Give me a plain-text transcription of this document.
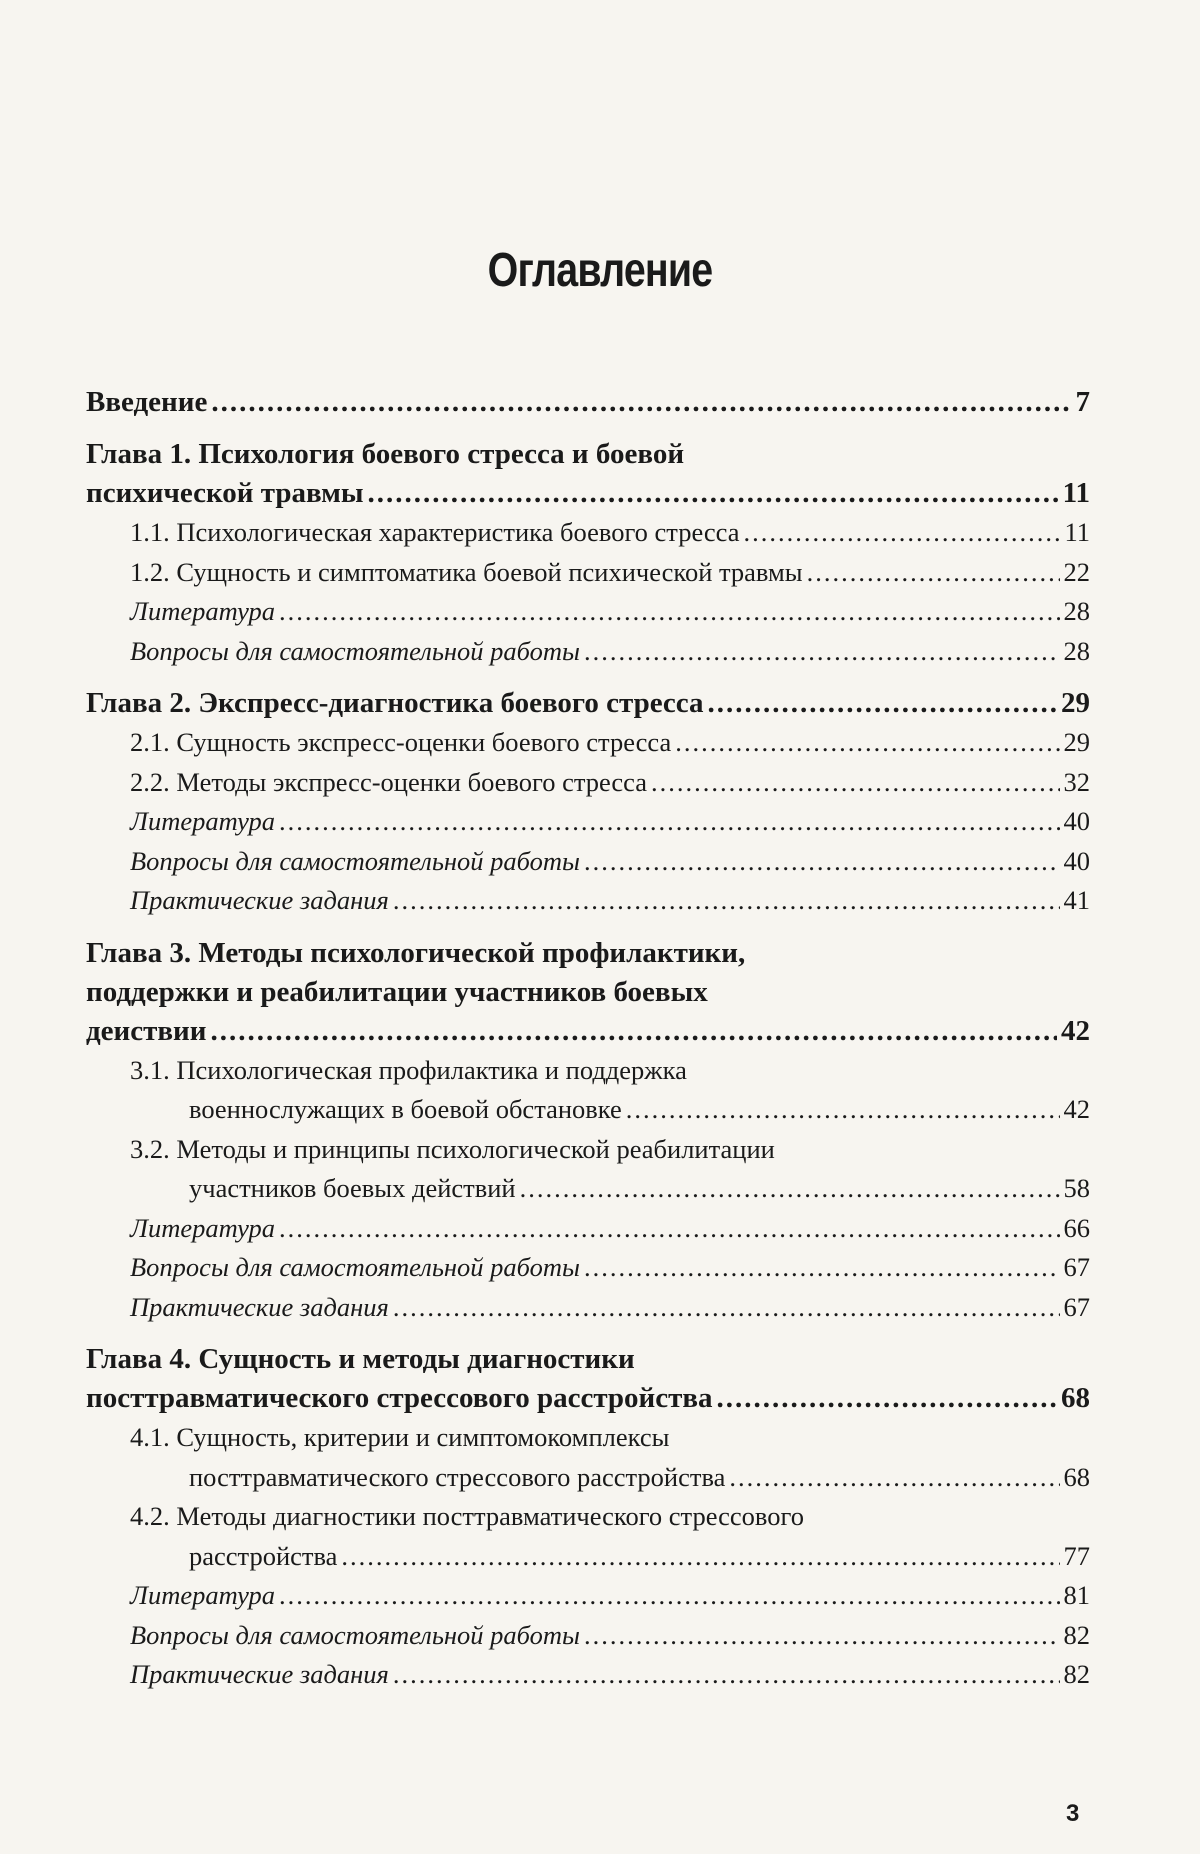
Оглавление
Введение .....	7
Глава 1. Психология боевого стресса и боевой
психической травмы .....	11
1.1. Психологическая характеристика боевого стресса .....	11
1.2. Сущность и симптоматика боевой психической травмы .....	22
Литература .....	28
Вопросы для самостоятельной работы .....	28
Глава 2. Экспресс-диагностика боевого стресса .....	29
2.1. Сущность экспресс-оценки боевого стресса .....	29
2.2. Методы экспресс-оценки боевого стресса .....	32
Литература .....	40
Вопросы для самостоятельной работы .....	40
Практические задания .....	41
Глава 3. Методы психологической профилактики,
поддержки и реабилитации участников боевых
деиствии .....	42
3.1. Психологическая профилактика и поддержка
военнослужащих в боевой обстановке .....	42
3.2. Методы и принципы психологической реабилитации
участников боевых действий .....	58
Литература .....	66
Вопросы для самостоятельной работы .....	67
Практические задания .....	67
Глава 4. Сущность и методы диагностики
посттравматического стрессового расстройства .....	68
4.1. Сущность, критерии и симптомокомплексы
посттравматического стрессового расстройства .....	68
4.2. Методы диагностики посттравматического стрессового
расстройства .....	77
Литература .....	81
Вопросы для самостоятельной работы .....	82
Практические задания .....	82
3
